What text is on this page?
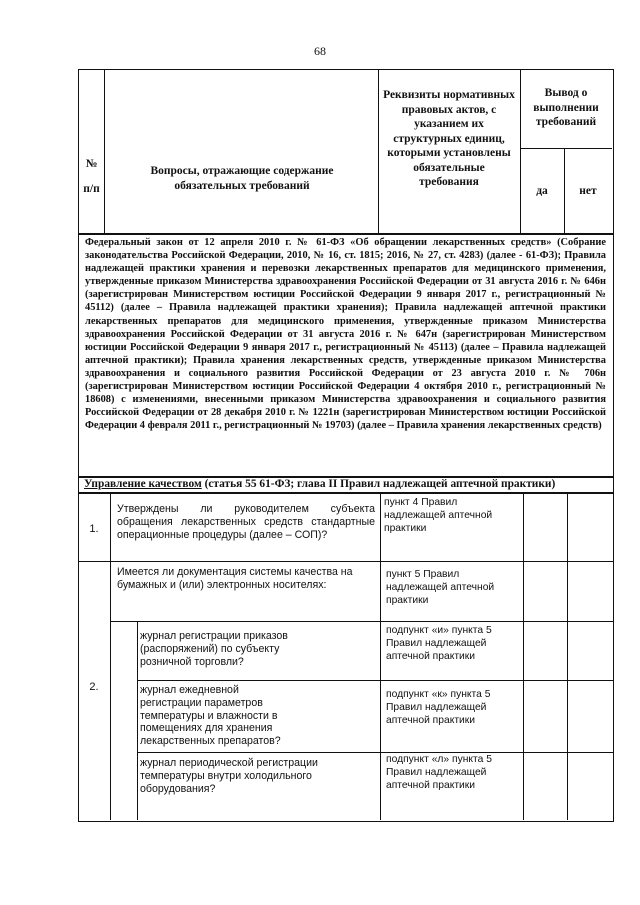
68
№
п/п
Вопросы, отражающие содержание обязательных требований
Реквизиты нормативных правовых актов, с указанием их структурных единиц, которыми установлены обязательные требования
Вывод о выполнении требований
да	нет
Федеральный закон от 12 апреля 2010 г. № 61-ФЗ «Об обращении лекарственных средств» (Собрание законодательства Российской Федерации, 2010, № 16, ст. 1815; 2016, № 27, ст. 4283) (далее - 61-ФЗ); Правила надлежащей практики хранения и перевозки лекарственных препаратов для медицинского применения, утвержденные приказом Министерства здравоохранения Российской Федерации от 31 августа 2016 г. № 646н (зарегистрирован Министерством юстиции Российской Федерации 9 января 2017 г., регистрационный № 45112) (далее – Правила надлежащей практики хранения); Правила надлежащей аптечной практики лекарственных препаратов для медицинского применения, утвержденные приказом Министерства здравоохранения Российской Федерации от 31 августа 2016 г. № 647н (зарегистрирован Министерством юстиции Российской Федерации 9 января 2017 г., регистрационный № 45113) (далее – Правила надлежащей аптечной практики); Правила хранения лекарственных средств, утвержденные приказом Министерства здравоохранения и социального развития Российской Федерации от 23 августа 2010 г. № 706н (зарегистрирован Министерством юстиции Российской Федерации 4 октября 2010 г., регистрационный № 18608) с изменениями, внесенными приказом Министерства здравоохранения и социального развития Российской Федерации от 28 декабря 2010 г. № 1221н (зарегистрирован Министерством юстиции Российской Федерации 4 февраля 2011 г., регистрационный № 19703) (далее – Правила хранения лекарственных средств)
Управление качеством (статья 55 61-ФЗ; глава II Правил надлежащей аптечной практики)
1.
Утверждены ли руководителем субъекта обращения лекарственных средств стандартные операционные процедуры (далее – СОП)?
пункт 4 Правил надлежащей аптечной практики
2.
Имеется ли документация системы качества на бумажных и (или) электронных носителях:
пункт 5 Правил надлежащей аптечной практики
журнал регистрации приказов (распоряжений) по субъекту розничной торговли?
подпункт «и» пункта 5 Правил надлежащей аптечной практики
журнал ежедневной регистрации параметров температуры и влажности в помещениях для хранения лекарственных препаратов?
подпункт «к» пункта 5 Правил надлежащей аптечной практики
журнал периодической регистрации температуры внутри холодильного оборудования?
подпункт «л» пункта 5 Правил надлежащей аптечной практики
